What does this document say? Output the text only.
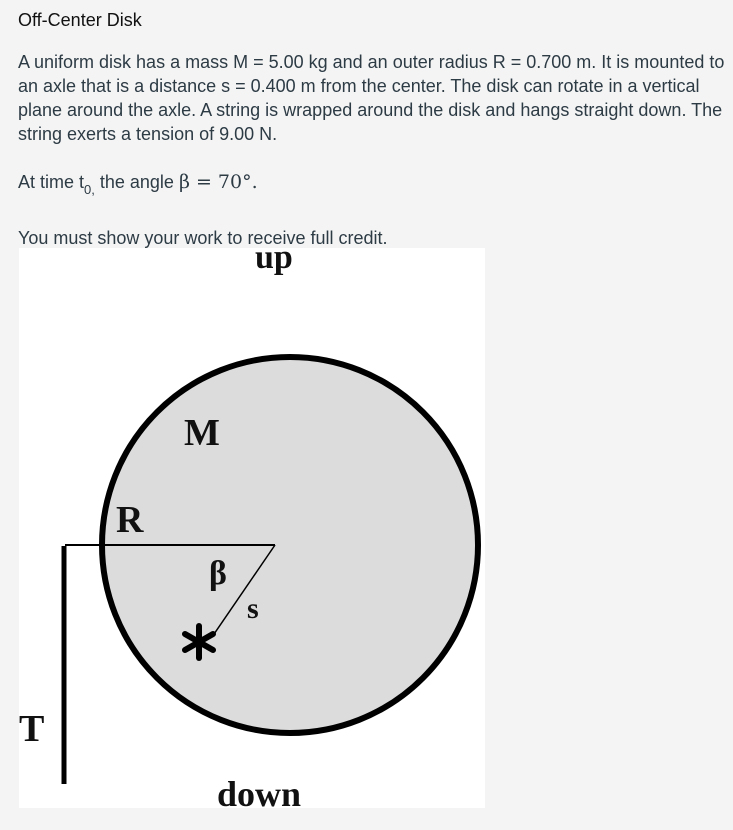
Off-Center Disk

A uniform disk has a mass M = 5.00 kg and an outer radius R = 0.700 m. It is mounted to an axle that is a distance s = 0.400 m from the center. The disk can rotate in a vertical plane around the axle. A string is wrapped around the disk and hangs straight down. The string exerts a tension of 9.00 N.

At time $t_{0,}$ the angle β = 70°.

You must show your work to receive full credit.

up
M
R
β
s
T
down
